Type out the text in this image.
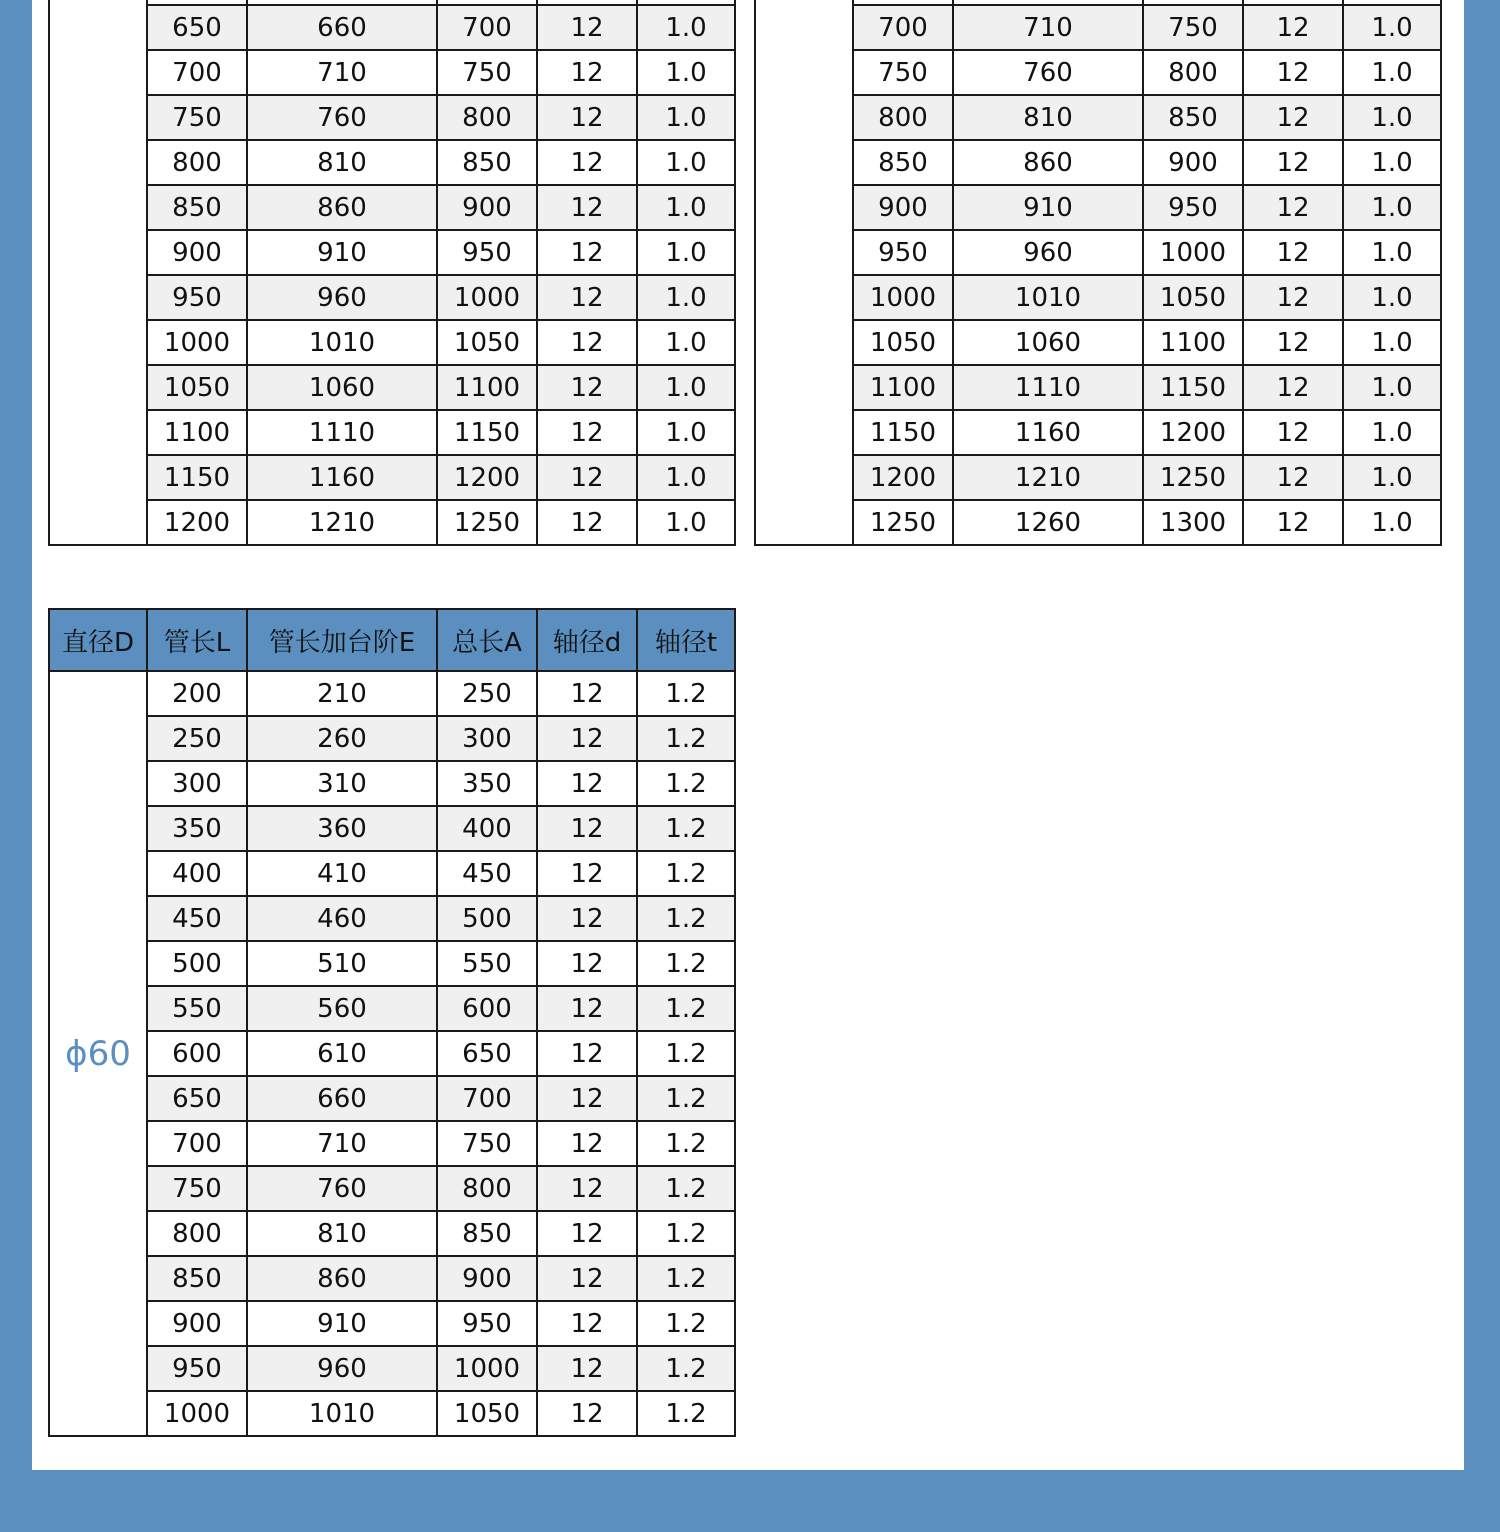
	650	660	700	12	1.0
	700	710	750	12	1.0
	750	760	800	12	1.0
	800	810	850	12	1.0
	850	860	900	12	1.0
	900	910	950	12	1.0
	950	960	1000	12	1.0
	1000	1010	1050	12	1.0
	1050	1060	1100	12	1.0
	1100	1110	1150	12	1.0
	1150	1160	1200	12	1.0
	1200	1210	1250	12	1.0

	700	710	750	12	1.0
	750	760	800	12	1.0
	800	810	850	12	1.0
	850	860	900	12	1.0
	900	910	950	12	1.0
	950	960	1000	12	1.0
	1000	1010	1050	12	1.0
	1050	1060	1100	12	1.0
	1100	1110	1150	12	1.0
	1150	1160	1200	12	1.0
	1200	1210	1250	12	1.0
	1250	1260	1300	12	1.0
直径D	管长L	管长加台阶E	总长A	轴径d	轴径t
ϕ60	200	210	250	12	1.2
	250	260	300	12	1.2
	300	310	350	12	1.2
	350	360	400	12	1.2
	400	410	450	12	1.2
	450	460	500	12	1.2
	500	510	550	12	1.2
	550	560	600	12	1.2
	600	610	650	12	1.2
	650	660	700	12	1.2
	700	710	750	12	1.2
	750	760	800	12	1.2
	800	810	850	12	1.2
	850	860	900	12	1.2
	900	910	950	12	1.2
	950	960	1000	12	1.2
	1000	1010	1050	12	1.2
